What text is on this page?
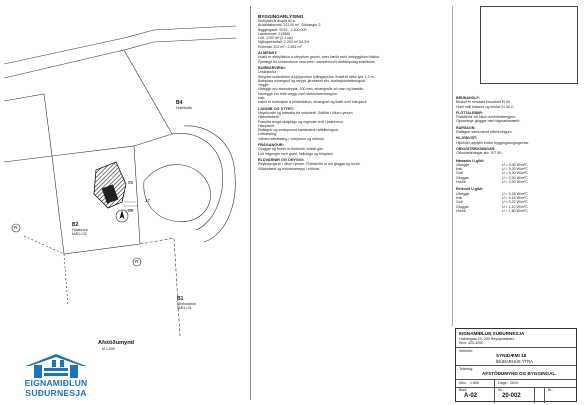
B4
Hraðholta
B2
Hólabraut
MÆLI 02
B1
Elmhólahús
MÆLI 01
17
05
05
R
R
Afstöðumynd
M 1:500
EIGNAMIÐLUN
SUÐURNESJA
BYGGINGARLÝSING
Einbýlishús ásamt bíl a
Brúttóflatarmál: 211.00 m², Sólvangur 2
Byggingarár: 2019 - 2.400.000
Landnúmer: 213565
Lóð: 1700 m² (2.3 ha)
Nýtingarhlutfall: 2,204 m² 50,3%
Rúmmál: 202 m² / 2.551 m²
ALMENNT:
Húsið er einbýlishús á steyptum grunni, tvær hæðir með innbyggðum bílskúr.
Fjarlægð frá lóðamörkum skal vera í samræmi við deiliskipulag svæðisins.
BURÐARVIRKI:
Undirstöður:
Steyptar undirstöður á þjöppuðum fyllingarpúða, frostfrítt niður fyrir 1,2 m.
Botnplata einangruð og steypt, járnabent skv. burðarþolsteikningum.
Veggir:
Útveggir eru steinsteyptir, 200 mm, einangraðir að utan og klæddir.
Innveggir eru léttir veggir með steinullareinangrun.
Þak:
Þakið er timburþak á límtrésbitum, einangrað og klætt með bárujárni.
LAGNIR OG STÝRT:
Neysluvatn og hitaveita frá veitukerfi. Gólfhiti í öllum rýmum.
Hitaveitukerfi:
Fráveita tengd skólplögn og regnvatn leitt í þakrennur.
Hlaupkerfi:
Raflagnir og smáspenna samkvæmt rafteikningum.
Loftræsting:
Vélræn loftræsting í votrýmum og eldhúsi.
FRÁGANGUR:
Gluggar og hurðir úr timbri/áli, tvöfalt gler.
Lóð frágengin með grasi, hellulögn og bílaplani.
ELDVARNIR OG ÖRYGGI:
Reykskynjarar í öllum rýmum. Flóttaleiðir út um glugga og hurðir.
Slökkvitæki og eldvarnarteppi í eldhúsi.
BRUNAHÓLF:
Bílskúr er sérstakt brunahólf EI 60.
Hurð milli bílskúrs og íbúðar EI 30-C.
FLÓTTALEIÐIR:
Flóttaleiðir frá öllum svefnherbergjum.
Opnanlegir gluggar með lágmarksstærð.
RAFMAGN:
Raflagnir samkvæmt rafteikningum.
HLJÓÐVIST:
Hljóðvist uppfyllir kröfur byggingarreglugerðar.
ORKUÚTREIKNINGAR:
Orkuútreikningar skv. ÍST 50:
Hámarks U-gildi:
Útveggir	U = 0,40 W/m²C
Þak	U = 0,20 W/m²C
Gólf	U = 0,30 W/m²C
Gluggar	U = 2,00 W/m²C
Hurðir	U = 2,00 W/m²C
Reiknuð U-gildi:
Útveggir	U = 0,26 W/m²C
Þak	U = 0,18 W/m²C
Gólf	U = 0,22 W/m²C
Gluggar	U = 1,10 W/m²C
Hurðir	U = 1,60 W/m²C
EIGNAMIÐLUN SUÐURNESJA
Hafnargata 20, 230 Reykjanesbær
Sími: 420-4050
Verkefni:
SÝNIDÆMI 18
ÍBÚÐARHÚS YTRA
Teikning:
AFSTÖÐUMYND OG BYGGINGAL.
Mkv.: 1:500	Dags.: 2020
Blað:
A-02
Nr.:
20-002
Br.:
